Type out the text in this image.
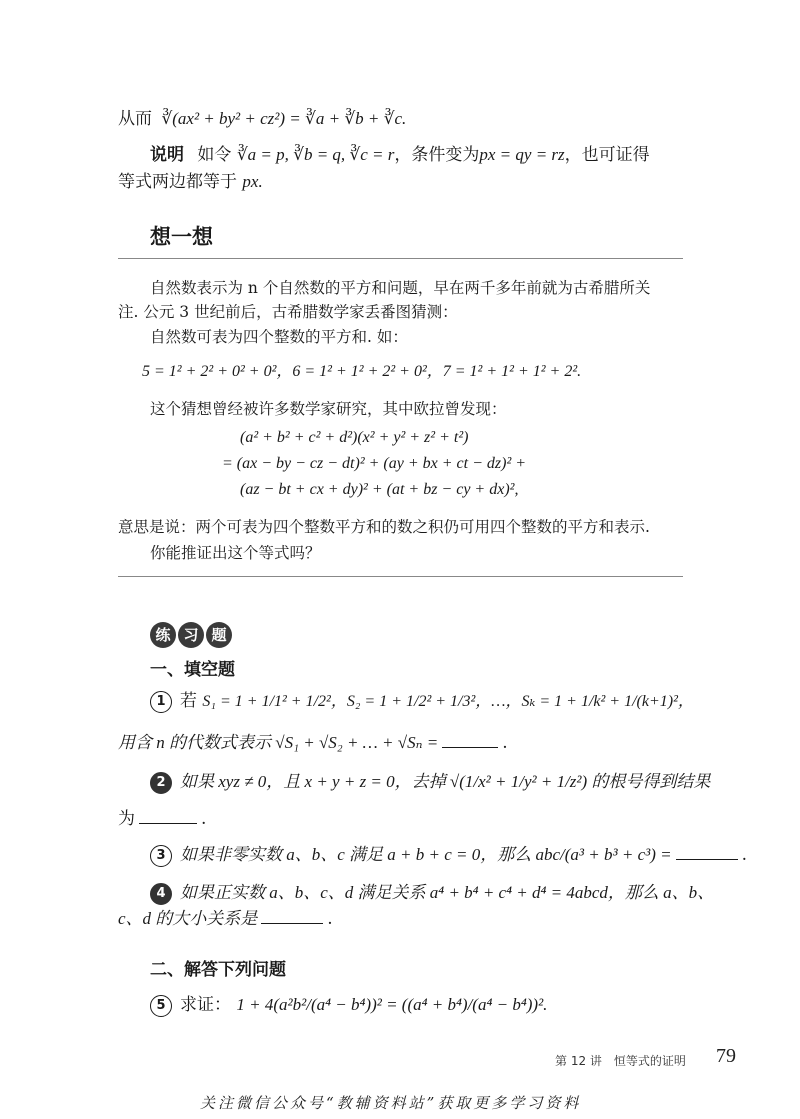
从而 ∛(ax² + by² + cz²) = ∛a + ∛b + ∛c.
说明 如令 ∛a = p, ∛b = q, ∛c = r，条件变为px = qy = rz，也可证得
等式两边都等于 px.
想一想
自然数表示为 n 个自然数的平方和问题，早在两千多年前就为古希腊所关
注. 公元 3 世纪前后，古希腊数学家丢番图猜测：
自然数可表为四个整数的平方和. 如：
5 = 1² + 2² + 0² + 0²，6 = 1² + 1² + 2² + 0²，7 = 1² + 1² + 1² + 2².
这个猜想曾经被许多数学家研究，其中欧拉曾发现：
(a² + b² + c² + d²)(x² + y² + z² + t²)
= (ax − by − cz − dt)² + (ay + bx + ct − dz)² +
(az − bt + cx + dy)² + (at + bz − cy + dx)²,
意思是说：两个可表为四个整数平方和的数之积仍可用四个整数的平方和表示.
你能推证出这个等式吗？
练 习 题
一、填空题
1 若 S₁ = 1 + 1/1² + 1/2²，S₂ = 1 + 1/2² + 1/3²，…，Sₖ = 1 + 1/k² + 1/(k+1)²，
用含 n 的代数式表示 √S₁ + √S₂ + … + √Sₙ =	.
2 如果 xyz ≠ 0，且 x + y + z = 0，去掉 √(1/x² + 1/y² + 1/z²) 的根号得到结果
为	.
3 如果非零实数 a、b、c 满足 a + b + c = 0，那么 abc/(a³ + b³ + c³) =	.
4 如果正实数 a、b、c、d 满足关系 a⁴ + b⁴ + c⁴ + d⁴ = 4abcd，那么 a、b、
c、d 的大小关系是	.
二、解答下列问题
5 求证： 1 + 4(a²b²/(a⁴ − b⁴))² = ((a⁴ + b⁴)/(a⁴ − b⁴))².
第 12 讲　恒等式的证明 79
关注微信公众号“教辅资料站”获取更多学习资料
